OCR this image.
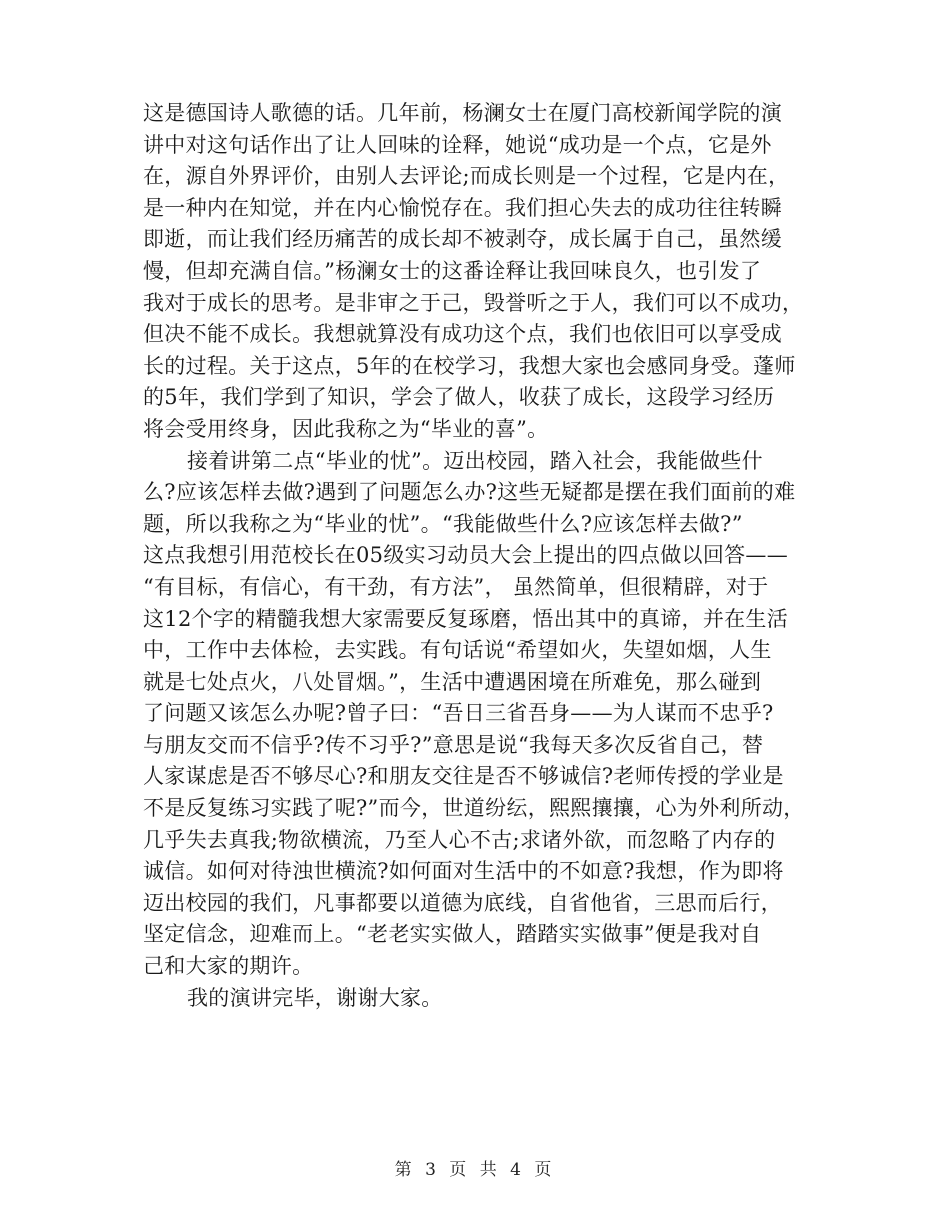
这是德国诗人歌德的话。几年前，杨澜女士在厦门高校新闻学院的演
讲中对这句话作出了让人回味的诠释，她说“成功是一个点，它是外
在，源自外界评价，由别人去评论;而成长则是一个过程，它是内在，
是一种内在知觉，并在内心愉悦存在。我们担心失去的成功往往转瞬
即逝，而让我们经历痛苦的成长却不被剥夺，成长属于自己，虽然缓
慢，但却充满自信。”杨澜女士的这番诠释让我回味良久，也引发了
我对于成长的思考。是非审之于己，毁誉听之于人，我们可以不成功，
但决不能不成长。我想就算没有成功这个点，我们也依旧可以享受成
长的过程。关于这点，5年的在校学习，我想大家也会感同身受。蓬师
的5年，我们学到了知识，学会了做人，收获了成长，这段学习经历
将会受用终身，因此我称之为“毕业的喜”。
接着讲第二点“毕业的忧”。迈出校园，踏入社会，我能做些什
么?应该怎样去做?遇到了问题怎么办?这些无疑都是摆在我们面前的难
题，所以我称之为“毕业的忧”。“我能做些什么?应该怎样去做?”
这点我想引用范校长在05级实习动员大会上提出的四点做以回答——
“有目标，有信心，有干劲，有方法”， 虽然简单，但很精辟，对于
这12个字的精髓我想大家需要反复琢磨，悟出其中的真谛，并在生活
中，工作中去体检，去实践。有句话说“希望如火，失望如烟，人生
就是七处点火，八处冒烟。”，生活中遭遇困境在所难免，那么碰到
了问题又该怎么办呢?曾子曰：“吾日三省吾身——为人谋而不忠乎?
与朋友交而不信乎?传不习乎?”意思是说“我每天多次反省自己，替
人家谋虑是否不够尽心?和朋友交往是否不够诚信?老师传授的学业是
不是反复练习实践了呢?”而今，世道纷纭，熙熙攘攘，心为外利所动，
几乎失去真我;物欲横流，乃至人心不古;求诸外欲，而忽略了内存的
诚信。如何对待浊世横流?如何面对生活中的不如意?我想，作为即将
迈出校园的我们，凡事都要以道德为底线，自省他省，三思而后行，
坚定信念，迎难而上。“老老实实做人，踏踏实实做事”便是我对自
己和大家的期许。
我的演讲完毕，谢谢大家。
第 3 页 共 4 页
